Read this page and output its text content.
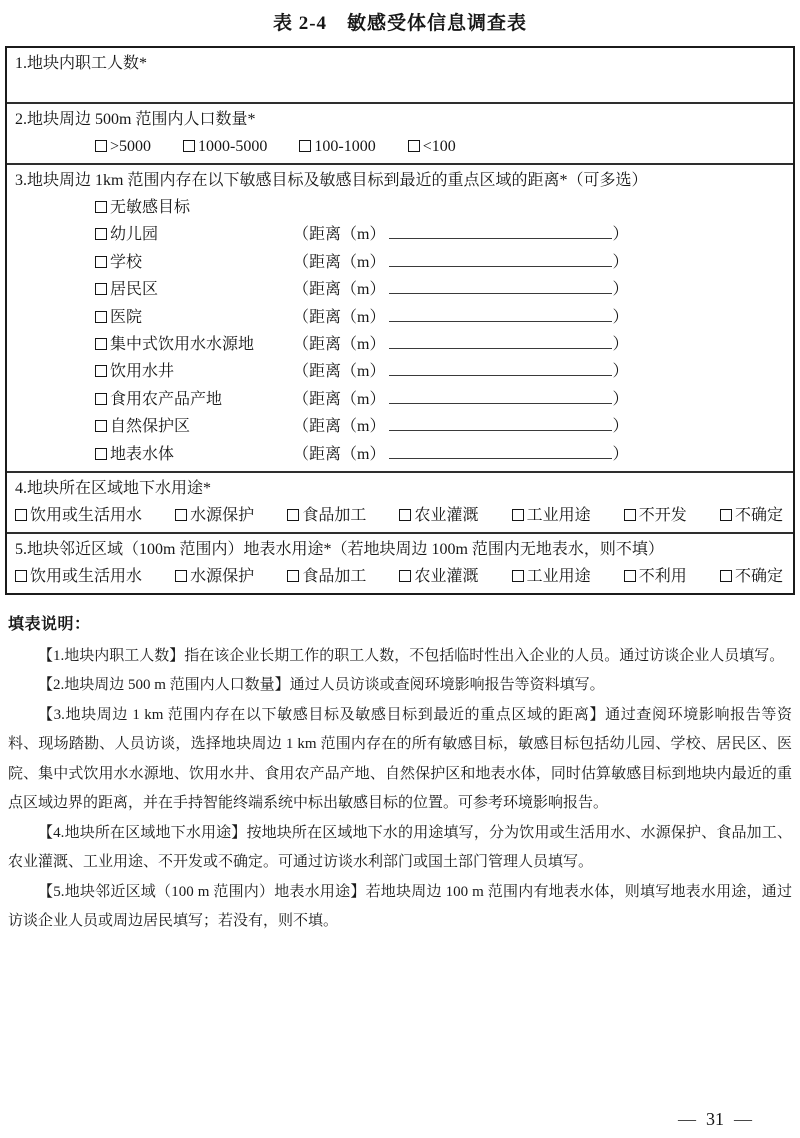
表 2-4　敏感受体信息调查表
1.地块内职工人数*
2.地块周边 500m 范围内人口数量*
>5000	1000-5000	100-1000	<100
3.地块周边 1km 范围内存在以下敏感目标及敏感目标到最近的重点区域的距离*（可多选）
无敏感目标
幼儿园	（距离（m）	）
学校	（距离（m）	）
居民区	（距离（m）	）
医院	（距离（m）	）
集中式饮用水水源地	（距离（m）	）
饮用水井	（距离（m）	）
食用农产品产地	（距离（m）	）
自然保护区	（距离（m）	）
地表水体	（距离（m）	）
4.地块所在区域地下水用途*
饮用或生活用水	水源保护	食品加工	农业灌溉	工业用途	不开发	不确定
5.地块邻近区域（100m 范围内）地表水用途*（若地块周边 100m 范围内无地表水，则不填）
饮用或生活用水	水源保护	食品加工	农业灌溉	工业用途	不利用	不确定
填表说明：

【1.地块内职工人数】指在该企业长期工作的职工人数，不包括临时性出入企业的人员。通过访谈企业人员填写。

【2.地块周边 500 m 范围内人口数量】通过人员访谈或查阅环境影响报告等资料填写。

【3.地块周边 1 km 范围内存在以下敏感目标及敏感目标到最近的重点区域的距离】通过查阅环境影响报告等资料、现场踏勘、人员访谈，选择地块周边 1 km 范围内存在的所有敏感目标，敏感目标包括幼儿园、学校、居民区、医院、集中式饮用水水源地、饮用水井、食用农产品产地、自然保护区和地表水体，同时估算敏感目标到地块内最近的重点区域边界的距离，并在手持智能终端系统中标出敏感目标的位置。可参考环境影响报告。

【4.地块所在区域地下水用途】按地块所在区域地下水的用途填写，分为饮用或生活用水、水源保护、食品加工、农业灌溉、工业用途、不开发或不确定。可通过访谈水利部门或国土部门管理人员填写。

【5.地块邻近区域（100 m 范围内）地表水用途】若地块周边 100 m 范围内有地表水体，则填写地表水用途，通过访谈企业人员或周边居民填写；若没有，则不填。

— 31 —
